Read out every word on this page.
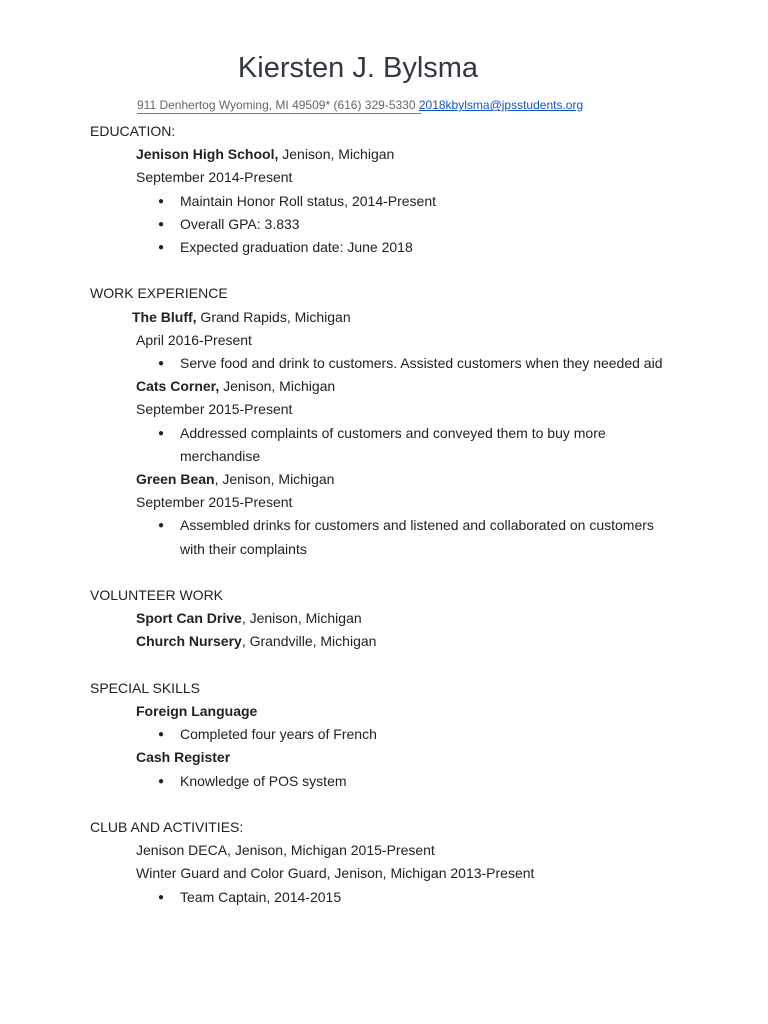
Kiersten J. Bylsma
911 Denhertog Wyoming, MI 49509* (616) 329-5330 2018kbylsma@jpsstudents.org
EDUCATION:
Jenison High School, Jenison, Michigan
September 2014-Present
● Maintain Honor Roll status, 2014-Present
● Overall GPA: 3.833
● Expected graduation date: June 2018
WORK EXPERIENCE
The Bluff, Grand Rapids, Michigan
April 2016-Present
● Serve food and drink to customers. Assisted customers when they needed aid
Cats Corner, Jenison, Michigan
September 2015-Present
● Addressed complaints of customers and conveyed them to buy more merchandise
Green Bean, Jenison, Michigan
September 2015-Present
● Assembled drinks for customers and listened and collaborated on customers with their complaints
VOLUNTEER WORK
Sport Can Drive, Jenison, Michigan
Church Nursery, Grandville, Michigan
SPECIAL SKILLS
Foreign Language
● Completed four years of French
Cash Register
● Knowledge of POS system
CLUB AND ACTIVITIES:
Jenison DECA, Jenison, Michigan 2015-Present
Winter Guard and Color Guard, Jenison, Michigan 2013-Present
● Team Captain, 2014-2015
